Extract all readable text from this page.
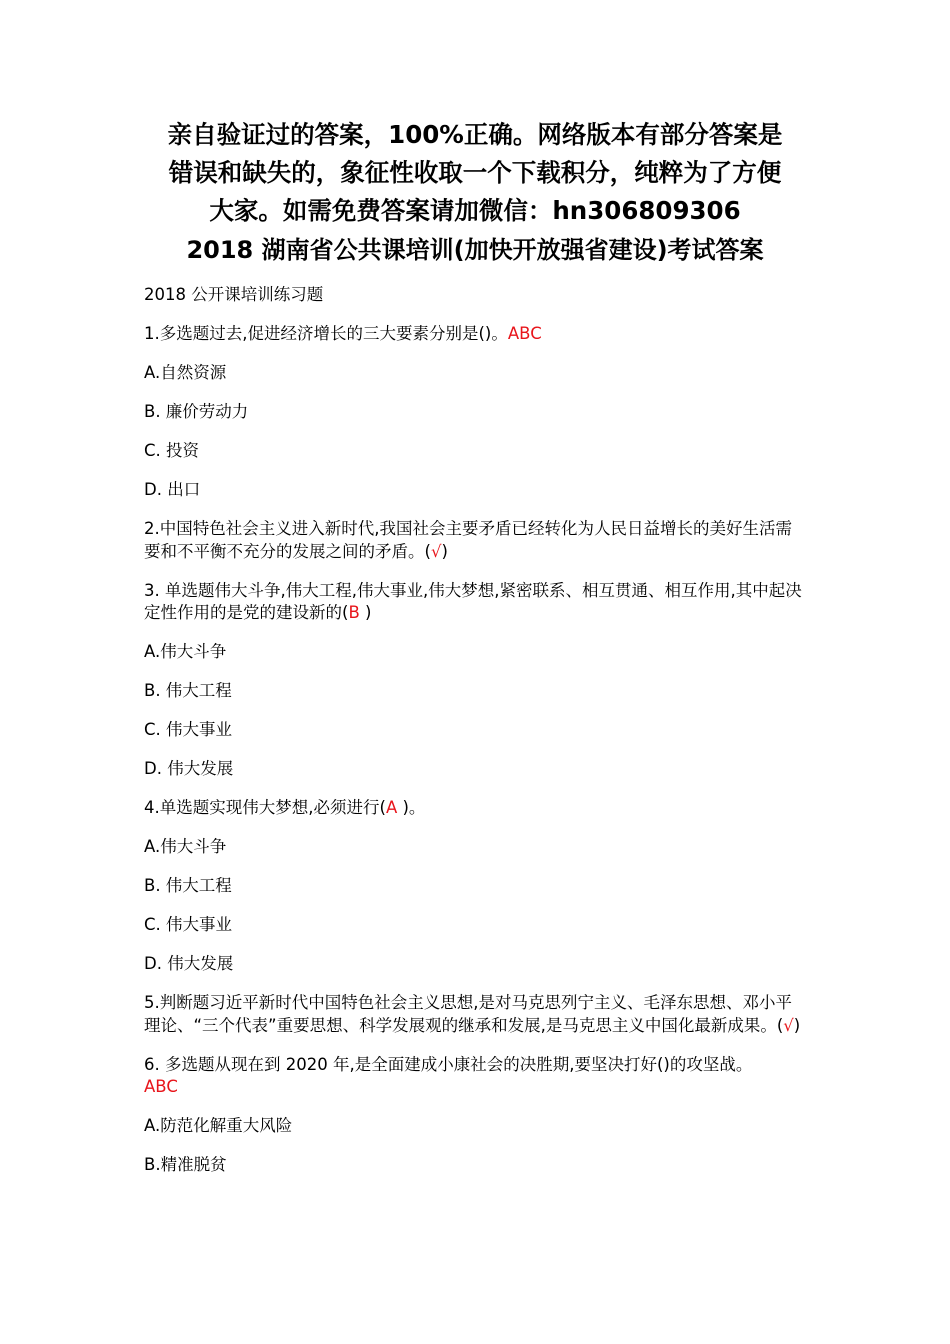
亲自验证过的答案，100%正确。网络版本有部分答案是
错误和缺失的，象征性收取一个下载积分，纯粹为了方便
大家。如需免费答案请加微信：hn306809306
2018 湖南省公共课培训(加快开放强省建设)考试答案

2018 公开课培训练习题

1.多选题过去,促进经济增长的三大要素分别是()。ABC

A.自然资源

B. 廉价劳动力

C. 投资

D. 出口

2.中国特色社会主义进入新时代,我国社会主要矛盾已经转化为人民日益增长的美好生活需要和不平衡不充分的发展之间的矛盾。(√)

3. 单选题伟大斗争,伟大工程,伟大事业,伟大梦想,紧密联系、相互贯通、相互作用,其中起决定性作用的是党的建设新的(B )

A.伟大斗争

B. 伟大工程

C. 伟大事业

D. 伟大发展

4.单选题实现伟大梦想,必须进行(A )。

A.伟大斗争

B. 伟大工程

C. 伟大事业

D. 伟大发展

5.判断题习近平新时代中国特色社会主义思想,是对马克思列宁主义、毛泽东思想、邓小平理论、“三个代表”重要思想、科学发展观的继承和发展,是马克思主义中国化最新成果。(√)

6. 多选题从现在到 2020 年,是全面建成小康社会的决胜期,要坚决打好()的攻坚战。
ABC

A.防范化解重大风险

B.精准脱贫
